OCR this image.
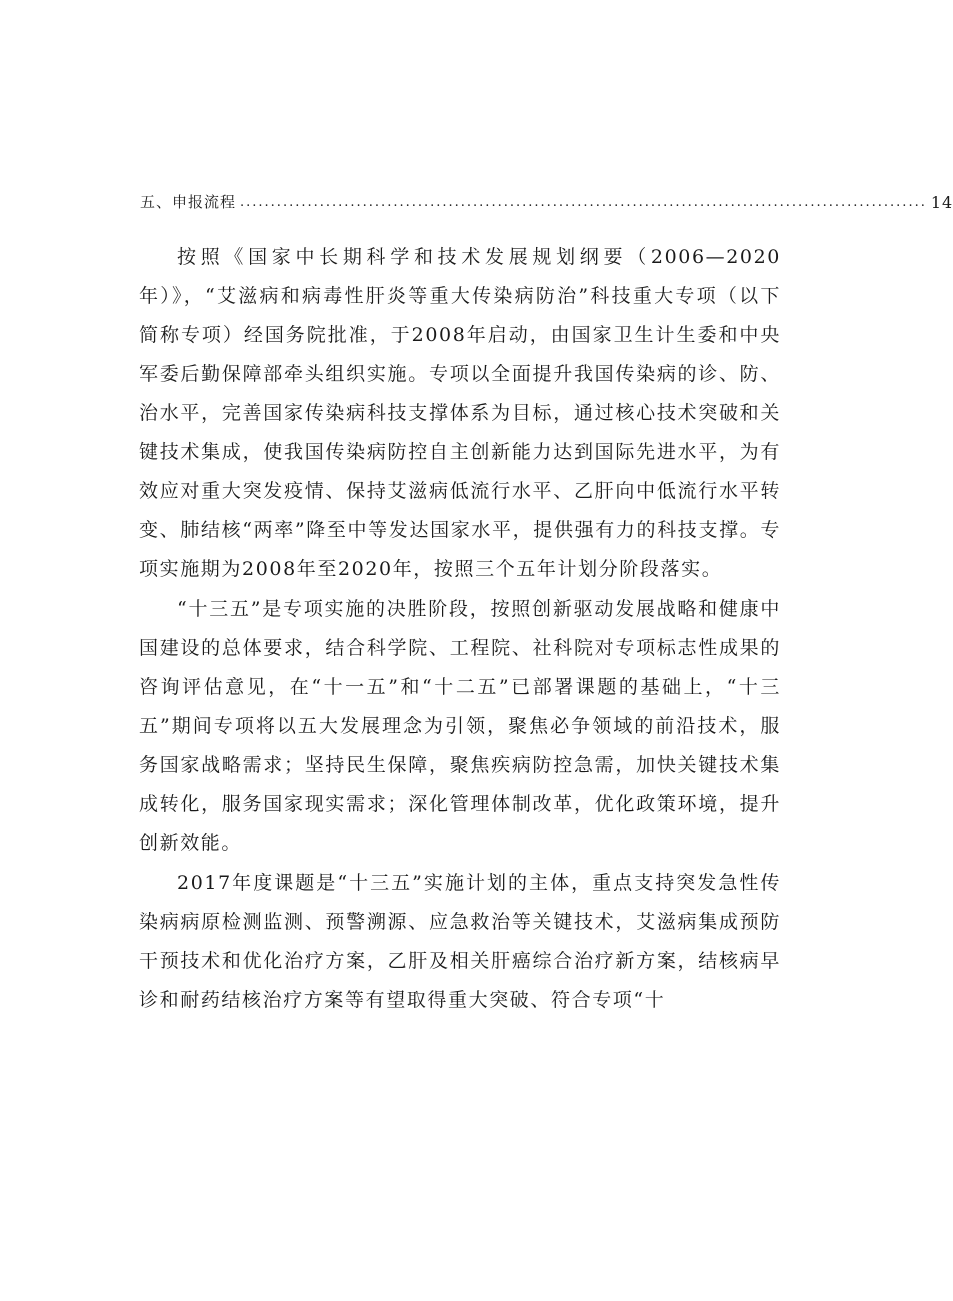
五、申报流程 ................................................................................................................ 14

按照《国家中长期科学和技术发展规划纲要（2006—2020年）》，“艾滋病和病毒性肝炎等重大传染病防治”科技重大专项（以下简称专项）经国务院批准，于2008年启动，由国家卫生计生委和中央军委后勤保障部牵头组织实施。专项以全面提升我国传染病的诊、防、治水平，完善国家传染病科技支撑体系为目标，通过核心技术突破和关键技术集成，使我国传染病防控自主创新能力达到国际先进水平，为有效应对重大突发疫情、保持艾滋病低流行水平、乙肝向中低流行水平转变、肺结核“两率”降至中等发达国家水平，提供强有力的科技支撑。专项实施期为2008年至2020年，按照三个五年计划分阶段落实。

“十三五”是专项实施的决胜阶段，按照创新驱动发展战略和健康中国建设的总体要求，结合科学院、工程院、社科院对专项标志性成果的咨询评估意见，在“十一五”和“十二五”已部署课题的基础上，“十三五”期间专项将以五大发展理念为引领，聚焦必争领域的前沿技术，服务国家战略需求；坚持民生保障，聚焦疾病防控急需，加快关键技术集成转化，服务国家现实需求；深化管理体制改革，优化政策环境，提升创新效能。

2017年度课题是“十三五”实施计划的主体，重点支持突发急性传染病病原检测监测、预警溯源、应急救治等关键技术，艾滋病集成预防干预技术和优化治疗方案，乙肝及相关肝癌综合治疗新方案，结核病早诊和耐药结核治疗方案等有望取得重大突破、符合专项“十
